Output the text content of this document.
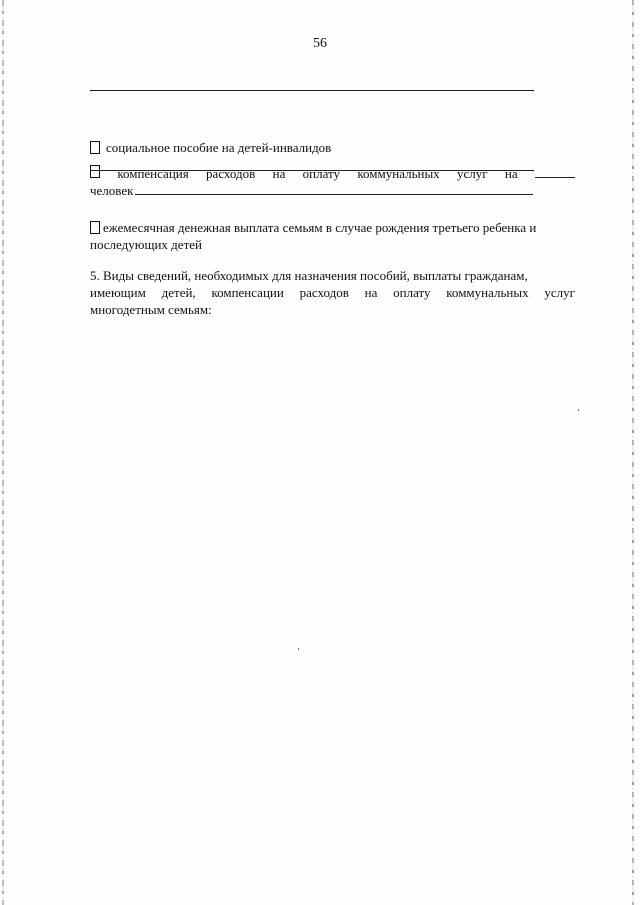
56
социальное пособие на детей-инвалидов
компенсация расходов на оплату коммунальных услуг на
человек
ежемесячная денежная выплата семьям в случае рождения третьего ребенка и
последующих детей
5. Виды сведений, необходимых для назначения пособий, выплаты гражданам,
имеющим детей, компенсации расходов на оплату коммунальных услуг
многодетным семьям:
